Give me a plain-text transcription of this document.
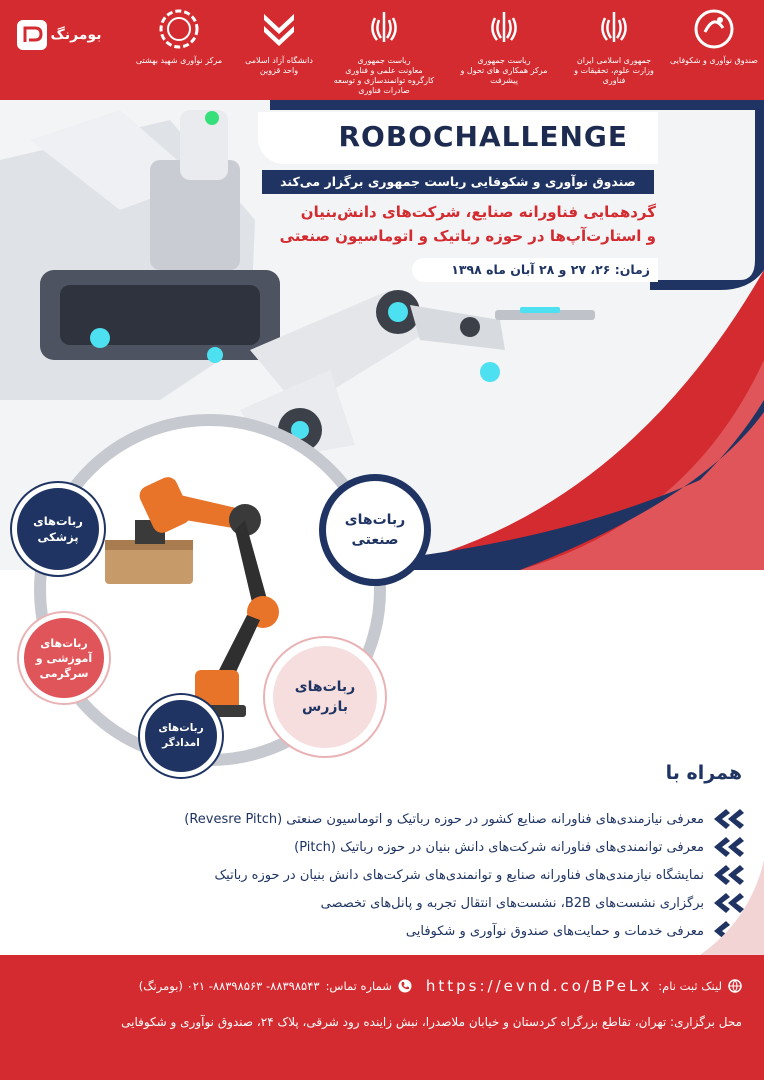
صندوق نوآوری و شکوفایی
جمهوری اسلامی ایران
وزارت علوم، تحقیقات و فناوری
ریاست جمهوری
مرکز همکاری های تحول و پیشرفت
ریاست جمهوری
معاونت علمی و فناوری
کارگروه توانمندسازی و توسعه صادرات فناوری
دانشگاه آزاد اسلامی
واحد قزوین
مرکز نوآوری شهید بهشتی
بومرنگ
ROBOCHALLENGE
صندوق نوآوری و شکوفایی ریاست جمهوری برگزار می‌کند
گردهمایی فناورانه صنایع، شرکت‌های دانش‌بنیان
و استارت‌آپ‌ها در حوزه رباتیک و اتوماسیون صنعتی
زمان: ۲۶، ۲۷ و ۲۸ آبان ماه ۱۳۹۸
ربات‌های
صنعتی
ربات‌های
پزشکی
ربات‌های
آموزشی و
سرگرمی
ربات‌های
بازرس
ربات‌های
امدادگر
همراه با
معرفی نیازمندی‌های فناورانه صنایع کشور در حوزه رباتیک و اتوماسیون صنعتی (Revesre Pitch)
معرفی توانمندی‌های فناورانه شرکت‌های دانش بنیان در حوزه رباتیک (Pitch)
نمایشگاه نیازمندی‌های فناورانه صنایع و توانمندی‌های شرکت‌های دانش بنیان در حوزه رباتیک
برگزاری نشست‌های B2B، نشست‌های انتقال تجربه و پانل‌های تخصصی
معرفی خدمات و حمایت‌های صندوق نوآوری و شکوفایی
لینک ثبت نام:
https://evnd.co/BPeLx
شماره تماس:
۸۸۳۹۸۵۴۳- ۸۸۳۹۸۵۶۳- ۰۲۱ (بومرنگ)
محل برگزاری: تهران، تقاطع بزرگراه کردستان و خیابان ملاصدرا، نبش زاینده رود شرقی، پلاک ۲۴، صندوق نوآوری و شکوفایی
